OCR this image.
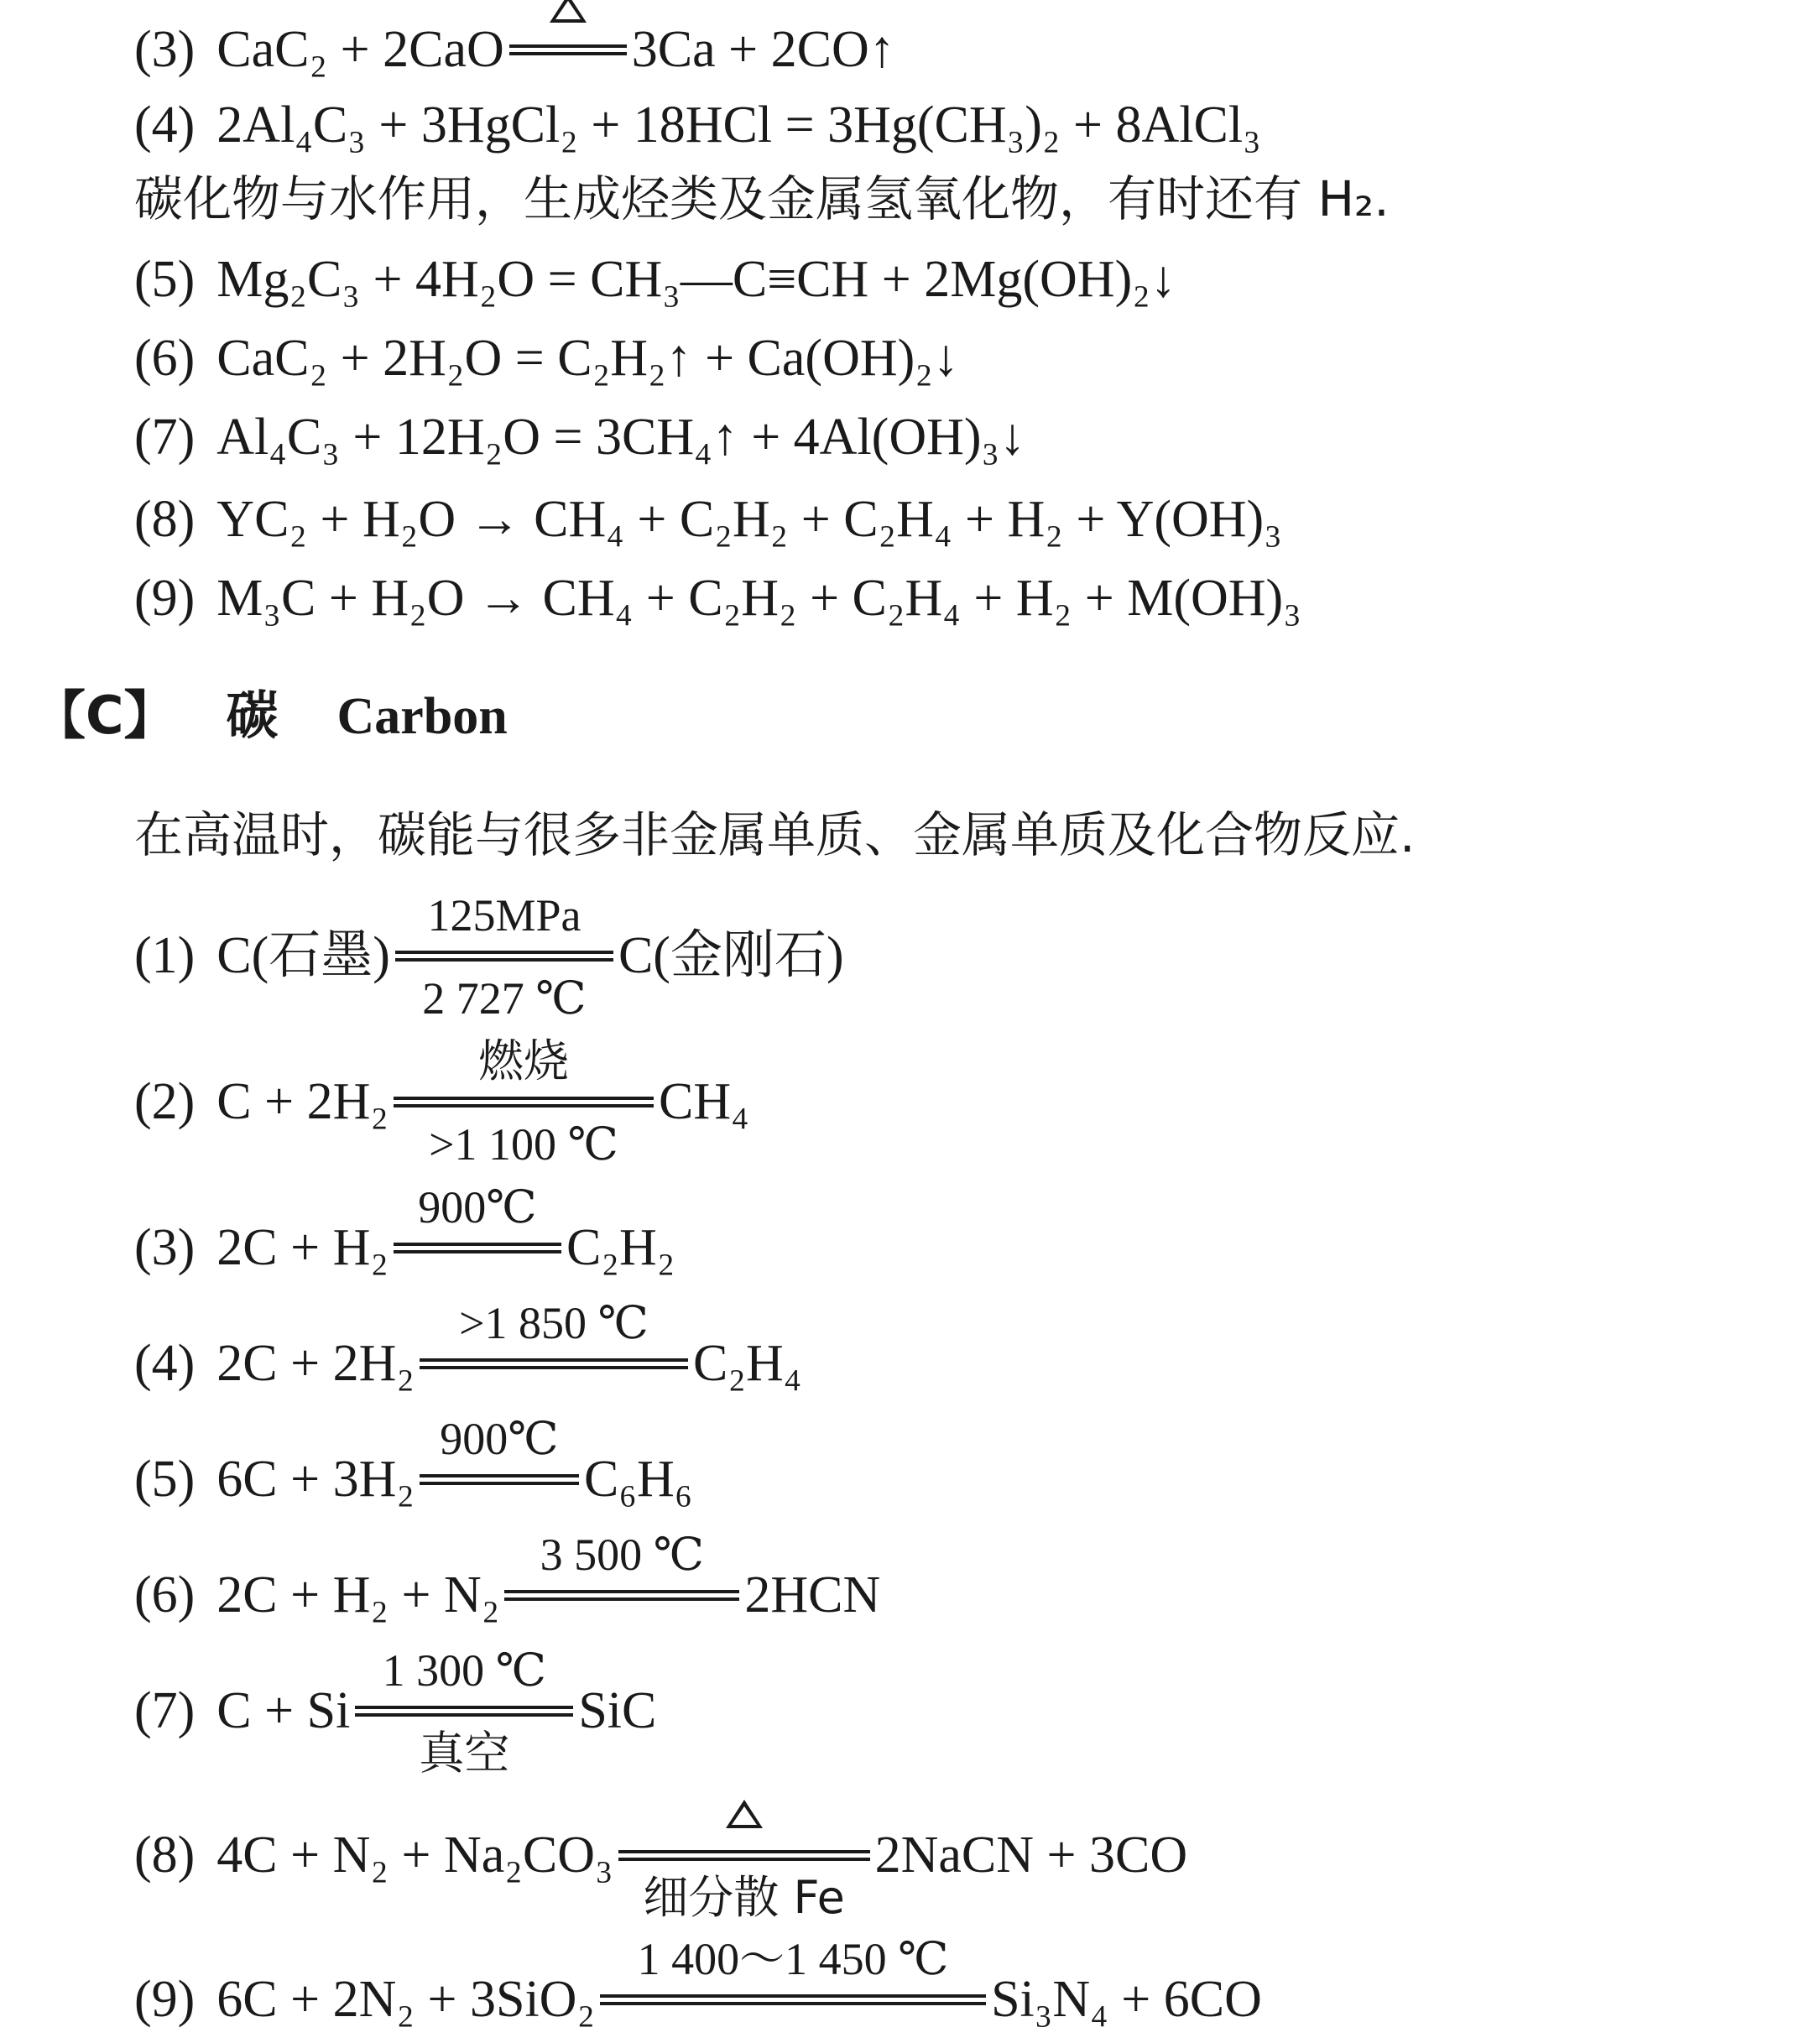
(3) CaC₂ + 2CaO 3Ca + 2CO↑
(4) 2Al₄C₃ + 3HgCl₂ + 18HCl = 3Hg(CH₃)₂ + 8AlCl₃
碳化物与水作用，生成烃类及金属氢氧化物，有时还有 H₂.
(5) Mg₂C₃ + 4H₂O = CH₃—C≡CH + 2Mg(OH)₂↓
(6) CaC₂ + 2H₂O = C₂H₂↑ + Ca(OH)₂↓
(7) Al₄C₃ + 12H₂O = 3CH₄↑ + 4Al(OH)₃↓
(8) YC₂ + H₂O → CH₄ + C₂H₂ + C₂H₄ + H₂ + Y(OH)₃
(9) M₃C + H₂O → CH₄ + C₂H₂ + C₂H₄ + H₂ + M(OH)₃
【C】 碳 Carbon
在高温时，碳能与很多非金属单质、金属单质及化合物反应.
(1) C(石墨)
125MPa
2 727 ℃
C(金刚石)
(2) C + 2H₂
燃烧
>1 100 ℃
CH₄
(3) 2C + H₂
900℃
C₂H₂
(4) 2C + 2H₂
>1 850 ℃
C₂H₄
(5) 6C + 3H₂
900℃
C₆H₆
(6) 2C + H₂ + N₂
3 500 ℃
2HCN
(7) C + Si
1 300 ℃
真空
SiC
(8) 4C + N₂ + Na₂CO₃
细分散 Fe
2NaCN + 3CO
(9) 6C + 2N₂ + 3SiO₂
1 400～1 450 ℃
Si₃N₄ + 6CO
